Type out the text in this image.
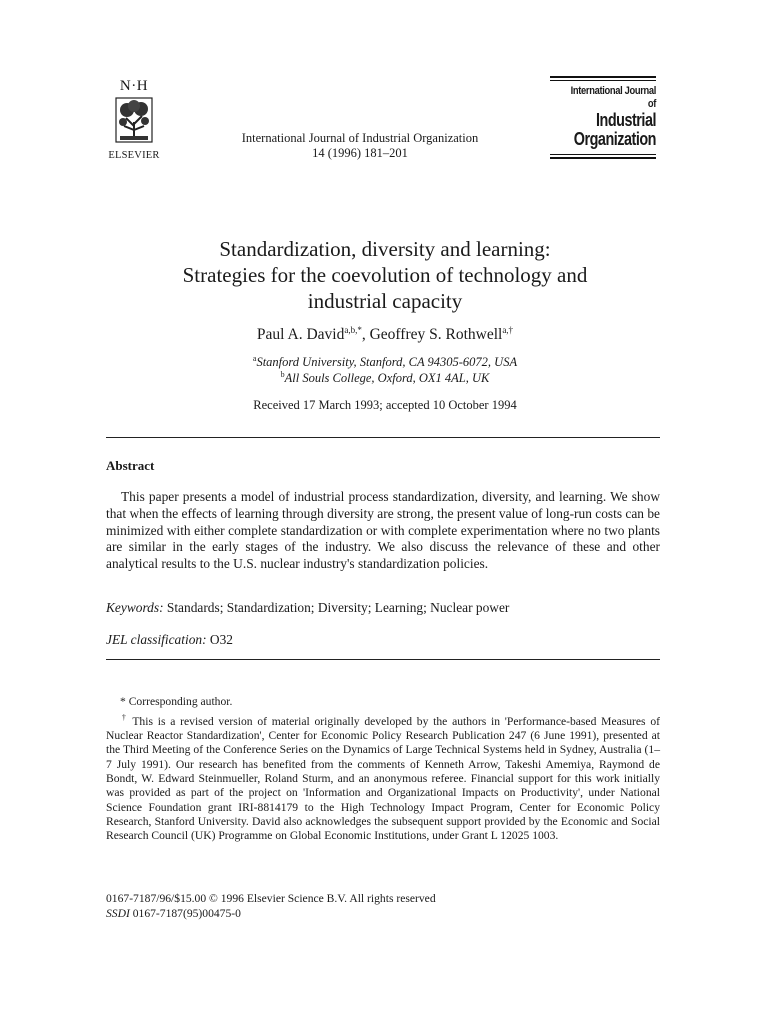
N·H
ELSEVIER
International Journal of Industrial Organization
14 (1996) 181–201
International Journal of
Industrial
Organization
Standardization, diversity and learning:
Strategies for the coevolution of technology and
industrial capacity
Paul A. David$^{a,b,*}$, Geoffrey S. Rothwell$^{a,\dagger}$
$^a$Stanford University, Stanford, CA 94305-6072, USA
$^b$All Souls College, Oxford, OX1 4AL, UK
Received 17 March 1993; accepted 10 October 1994
Abstract
This paper presents a model of industrial process standardization, diversity, and learning. We show that when the effects of learning through diversity are strong, the present value of long-run costs can be minimized with either complete standardization or with complete experimentation where no two plants are similar in the early stages of the industry. We also discuss the relevance of these and other analytical results to the U.S. nuclear industry's standardization policies.
Keywords: Standards; Standardization; Diversity; Learning; Nuclear power
JEL classification: O32
* Corresponding author.
† This is a revised version of material originally developed by the authors in 'Performance-based Measures of Nuclear Reactor Standardization', Center for Economic Policy Research Publication 247 (6 June 1991), presented at the Third Meeting of the Conference Series on the Dynamics of Large Technical Systems held in Sydney, Australia (1–7 July 1991). Our research has benefited from the comments of Kenneth Arrow, Takeshi Amemiya, Raymond de Bondt, W. Edward Steinmueller, Roland Sturm, and an anonymous referee. Financial support for this work initially was provided as part of the project on 'Information and Organizational Impacts on Productivity', under National Science Foundation grant IRI-8814179 to the High Technology Impact Program, Center for Economic Policy Research, Stanford University. David also acknowledges the subsequent support provided by the Economic and Social Research Council (UK) Programme on Global Economic Institutions, under Grant L 12025 1003.
0167-7187/96/$15.00 © 1996 Elsevier Science B.V. All rights reserved
SSDI 0167-7187(95)00475-0
